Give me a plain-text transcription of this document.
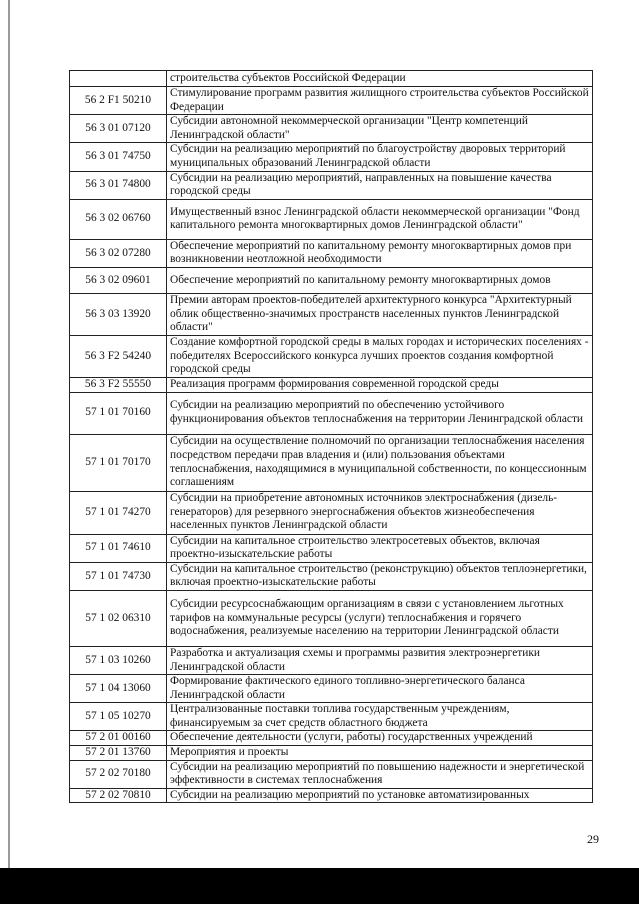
	строительства субъектов Российской Федерации
56 2 F1 50210	Стимулирование программ развития жилищного строительства субъектов Российской Федерации
56 3 01 07120	Субсидии автономной некоммерческой организации "Центр компетенций Ленинградской области"
56 3 01 74750	Субсидии на реализацию мероприятий по благоустройству дворовых территорий муниципальных образований Ленинградской области
56 3 01 74800	Субсидии на реализацию мероприятий, направленных на повышение качества городской среды
56 3 02 06760	Имущественный взнос Ленинградской области некоммерческой организации "Фонд капитального ремонта многоквартирных домов Ленинградской области"
56 3 02 07280	Обеспечение мероприятий по капитальному ремонту многоквартирных домов при возникновении неотложной необходимости
56 3 02 09601	Обеспечение мероприятий по капитальному ремонту многоквартирных домов
56 3 03 13920	Премии авторам проектов-победителей архитектурного конкурса "Архитектурный облик общественно-значимых пространств населенных пунктов Ленинградской области"
56 3 F2 54240	Создание комфортной городской среды в малых городах и исторических поселениях - победителях Всероссийского конкурса лучших проектов создания комфортной городской среды
56 3 F2 55550	Реализация программ формирования современной городской среды
57 1 01 70160	Субсидии на реализацию мероприятий по обеспечению устойчивого функционирования объектов теплоснабжения на территории Ленинградской области
57 1 01 70170	Субсидии на осуществление полномочий по организации теплоснабжения населения посредством передачи прав владения и (или) пользования объектами теплоснабжения, находящимися в муниципальной собственности, по концессионным соглашениям
57 1 01 74270	Субсидии на приобретение автономных источников электроснабжения (дизель-генераторов) для резервного энергоснабжения объектов жизнеобеспечения населенных пунктов Ленинградской области
57 1 01 74610	Субсидии на капитальное строительство электросетевых объектов, включая проектно-изыскательские работы
57 1 01 74730	Субсидии на капитальное строительство (реконструкцию) объектов теплоэнергетики, включая проектно-изыскательские работы
57 1 02 06310	Субсидии ресурсоснабжающим организациям в связи с установлением льготных тарифов на коммунальные ресурсы (услуги) теплоснабжения и горячего водоснабжения, реализуемые населению на территории Ленинградской области
57 1 03 10260	Разработка и актуализация схемы и программы развития электроэнергетики Ленинградской области
57 1 04 13060	Формирование фактического единого топливно-энергетического баланса Ленинградской области
57 1 05 10270	Централизованные поставки топлива государственным учреждениям, финансируемым за счет средств областного бюджета
57 2 01 00160	Обеспечение деятельности (услуги, работы) государственных учреждений
57 2 01 13760	Мероприятия и проекты
57 2 02 70180	Субсидии на реализацию мероприятий по повышению надежности и энергетической эффективности в системах теплоснабжения
57 2 02 70810	Субсидии на реализацию мероприятий по установке автоматизированных
29
